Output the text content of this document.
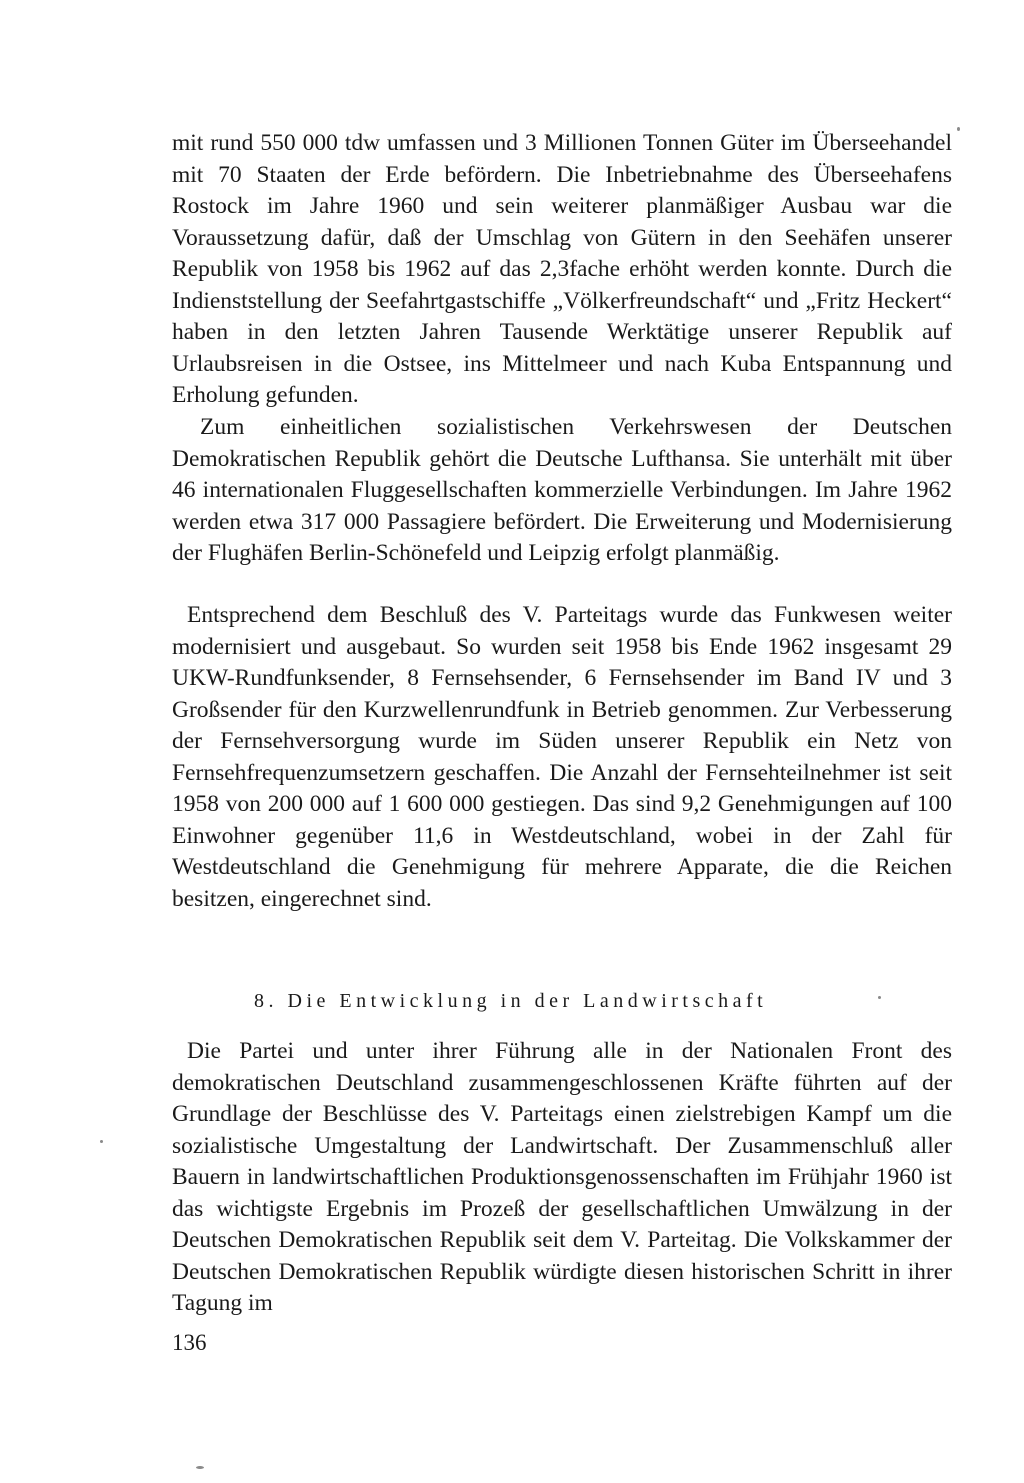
mit rund 550 000 tdw umfassen und 3 Millionen Tonnen Güter im Überseehandel mit 70 Staaten der Erde befördern. Die Inbetriebnahme des Überseehafens Rostock im Jahre 1960 und sein weiterer planmäßiger Ausbau war die Voraussetzung dafür, daß der Umschlag von Gütern in den Seehäfen unserer Republik von 1958 bis 1962 auf das 2,3fache erhöht werden konnte. Durch die Indienststellung der Seefahrtgastschiffe „Völkerfreundschaft“ und „Fritz Heckert“ haben in den letzten Jahren Tausende Werktätige unserer Republik auf Urlaubsreisen in die Ostsee, ins Mittelmeer und nach Kuba Entspannung und Erholung gefunden.

Zum einheitlichen sozialistischen Verkehrswesen der Deutschen Demokratischen Republik gehört die Deutsche Lufthansa. Sie unterhält mit über 46 internationalen Fluggesellschaften kommerzielle Verbindungen. Im Jahre 1962 werden etwa 317 000 Passagiere befördert. Die Erweiterung und Modernisierung der Flughäfen Berlin-Schönefeld und Leipzig erfolgt planmäßig.

Entsprechend dem Beschluß des V. Parteitags wurde das Funkwesen weiter modernisiert und ausgebaut. So wurden seit 1958 bis Ende 1962 insgesamt 29 UKW-Rundfunksender, 8 Fernsehsender, 6 Fernsehsender im Band IV und 3 Großsender für den Kurzwellenrundfunk in Betrieb genommen. Zur Verbesserung der Fernsehversorgung wurde im Süden unserer Republik ein Netz von Fernsehfrequenzumsetzern geschaffen. Die Anzahl der Fernsehteilnehmer ist seit 1958 von 200 000 auf 1 600 000 gestiegen. Das sind 9,2 Genehmigungen auf 100 Einwohner gegenüber 11,6 in Westdeutschland, wobei in der Zahl für Westdeutschland die Genehmigung für mehrere Apparate, die die Reichen besitzen, eingerechnet sind.

8. Die Entwicklung in der Landwirtschaft

Die Partei und unter ihrer Führung alle in der Nationalen Front des demokratischen Deutschland zusammengeschlossenen Kräfte führten auf der Grundlage der Beschlüsse des V. Parteitags einen zielstrebigen Kampf um die sozialistische Umgestaltung der Landwirtschaft. Der Zusammenschluß aller Bauern in landwirtschaftlichen Produktionsgenossenschaften im Frühjahr 1960 ist das wichtigste Ergebnis im Prozeß der gesellschaftlichen Umwälzung in der Deutschen Demokratischen Republik seit dem V. Parteitag. Die Volkskammer der Deutschen Demokratischen Republik würdigte diesen historischen Schritt in ihrer Tagung im

136
